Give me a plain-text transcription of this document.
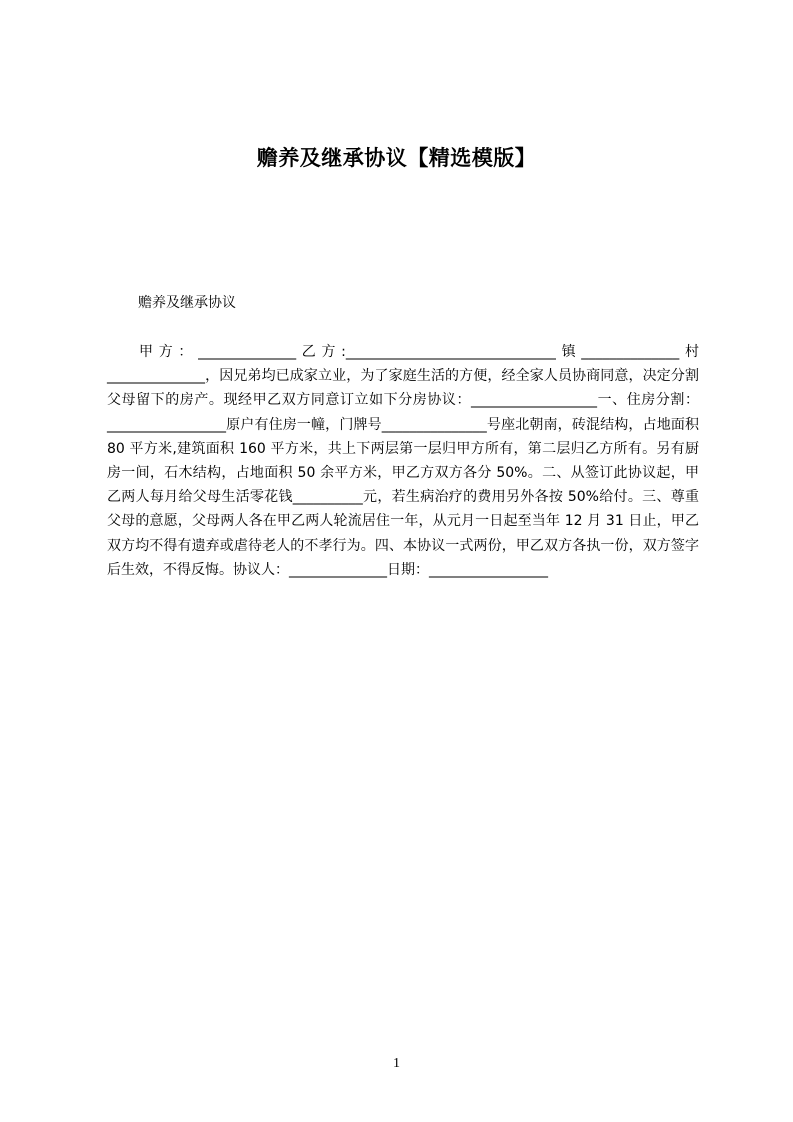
赡养及继承协议【精选模版】
赡养及继承协议

甲方：______________乙方:______________________________镇______________村______________，因兄弟均已成家立业，为了家庭生活的方便，经全家人员协商同意，决定分割父母留下的房产。现经甲乙双方同意订立如下分房协议：__________________一、住房分割：_________________原户有住房一幢，门牌号_______________号座北朝南，砖混结构，占地面积 80 平方米,建筑面积 160 平方米，共上下两层第一层归甲方所有，第二层归乙方所有。另有厨房一间，石木结构，占地面积 50 余平方米，甲乙方双方各分 50%。二、从签订此协议起，甲乙两人每月给父母生活零花钱__________元，若生病治疗的费用另外各按 50%给付。三、尊重父母的意愿，父母两人各在甲乙两人轮流居住一年，从元月一日起至当年 12 月 31 日止，甲乙双方均不得有遗弃或虐待老人的不孝行为。四、本协议一式两份，甲乙双方各执一份，双方签字后生效，不得反悔。协议人：______________日期：_________________

1
